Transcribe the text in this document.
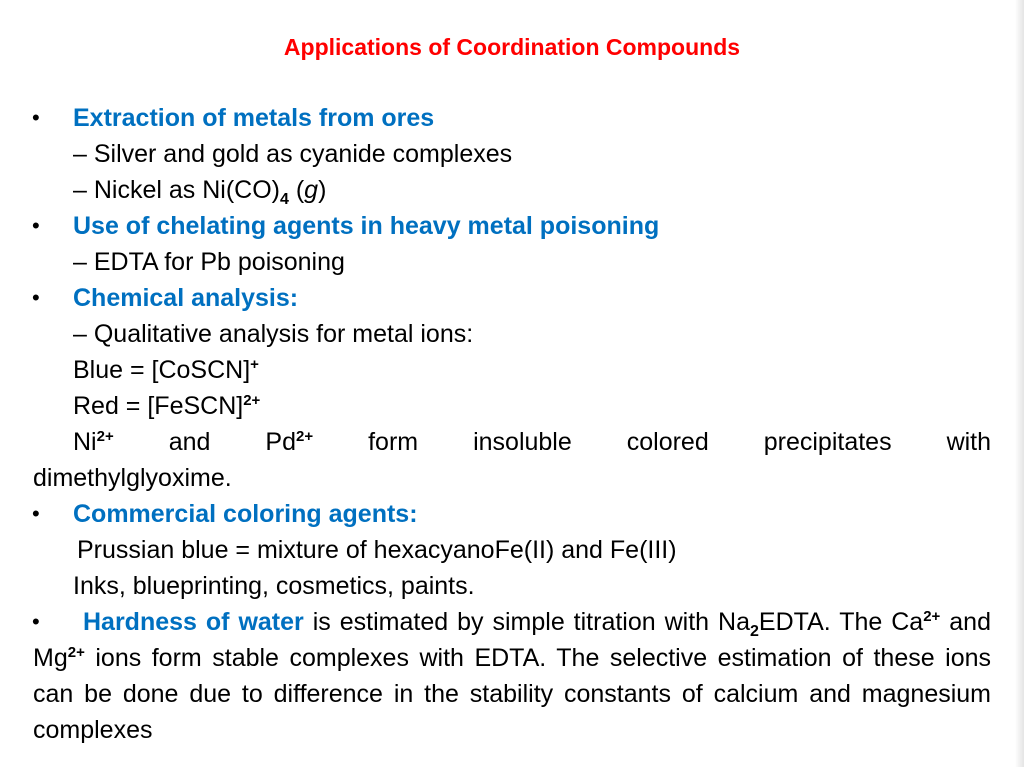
Applications of Coordination Compounds
• Extraction of metals from ores
– Silver and gold as cyanide complexes
– Nickel as $Ni(CO)_4$ (g)
• Use of chelating agents in heavy metal poisoning
– EDTA for Pb poisoning
• Chemical analysis:
– Qualitative analysis for metal ions:
Blue = [CoSCN]+
Red = [FeSCN]$^{2+}$
$Ni^{2+}$ and $Pd^{2+}$ form insoluble colored precipitates with
dimethylglyoxime.
• Commercial coloring agents:
Prussian blue = mixture of hexacyanoFe(II) and Fe(III)
Inks, blueprinting, cosmetics, paints.
•	Hardness of water is estimated by simple titration with $Na_2EDTA$. The $Ca^{2+}$ and $Mg^{2+}$ ions form stable complexes with EDTA. The selective estimation of these ions can be done due to difference in the stability constants of calcium and magnesium complexes
